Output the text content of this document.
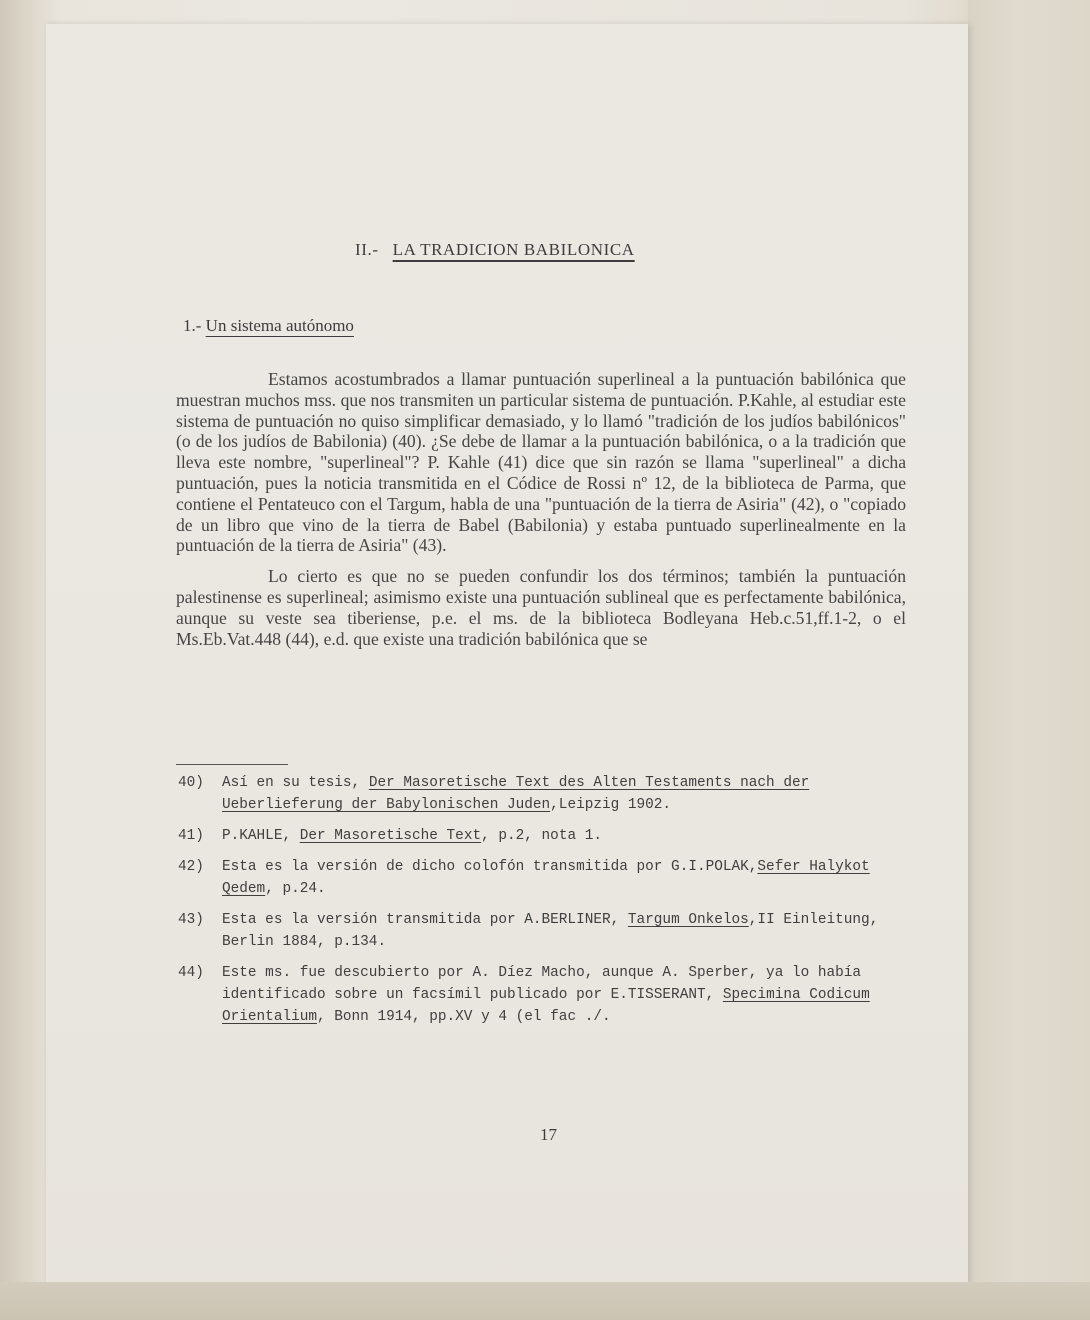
II.- LA TRADICION BABILONICA
1.- Un sistema autónomo

Estamos acostumbrados a llamar puntuación superlineal a la puntuación babilónica que muestran muchos mss. que nos transmiten un particular sistema de puntuación. P.Kahle, al estudiar este sistema de puntuación no quiso simplificar demasiado, y lo llamó "tradición de los judíos babilónicos" (o de los judíos de Babilonia) (40). ¿Se debe de llamar a la puntuación babilónica, o a la tradición que lleva este nombre, "superlineal"? P. Kahle (41) dice que sin razón se llama "superlineal" a dicha puntuación, pues la noticia transmitida en el Códice de Rossi nº 12, de la biblioteca de Parma, que contiene el Pentateuco con el Targum, habla de una "puntuación de la tierra de Asiria" (42), o "copiado de un libro que vino de la tierra de Babel (Babilonia) y estaba puntuado superlinealmente en la puntuación de la tierra de Asiria" (43).

Lo cierto es que no se pueden confundir los dos términos; también la puntuación palestinense es superlineal; asimismo existe una puntuación sublineal que es perfectamente babilónica, aunque su veste sea tiberiense, p.e. el ms. de la biblioteca Bodleyana Heb.c.51,ff.1-2, o el Ms.Eb.Vat.448 (44), e.d. que existe una tradición babilónica que se

40) Así en su tesis, Der Masoretische Text des Alten Testaments nach der Ueberlieferung der Babylonischen Juden,Leipzig 1902.
41) P.KAHLE, Der Masoretische Text, p.2, nota 1.
42) Esta es la versión de dicho colofón transmitida por G.I.POLAK,Sefer Halykot Qedem, p.24.
43) Esta es la versión transmitida por A.BERLINER, Targum Onkelos,II Einleitung, Berlin 1884, p.134.
44) Este ms. fue descubierto por A. Díez Macho, aunque A. Sperber, ya lo había identificado sobre un facsímil publicado por E.TISSERANT, Specimina Codicum Orientalium, Bonn 1914, pp.XV y 4 (el fac ./.
17
